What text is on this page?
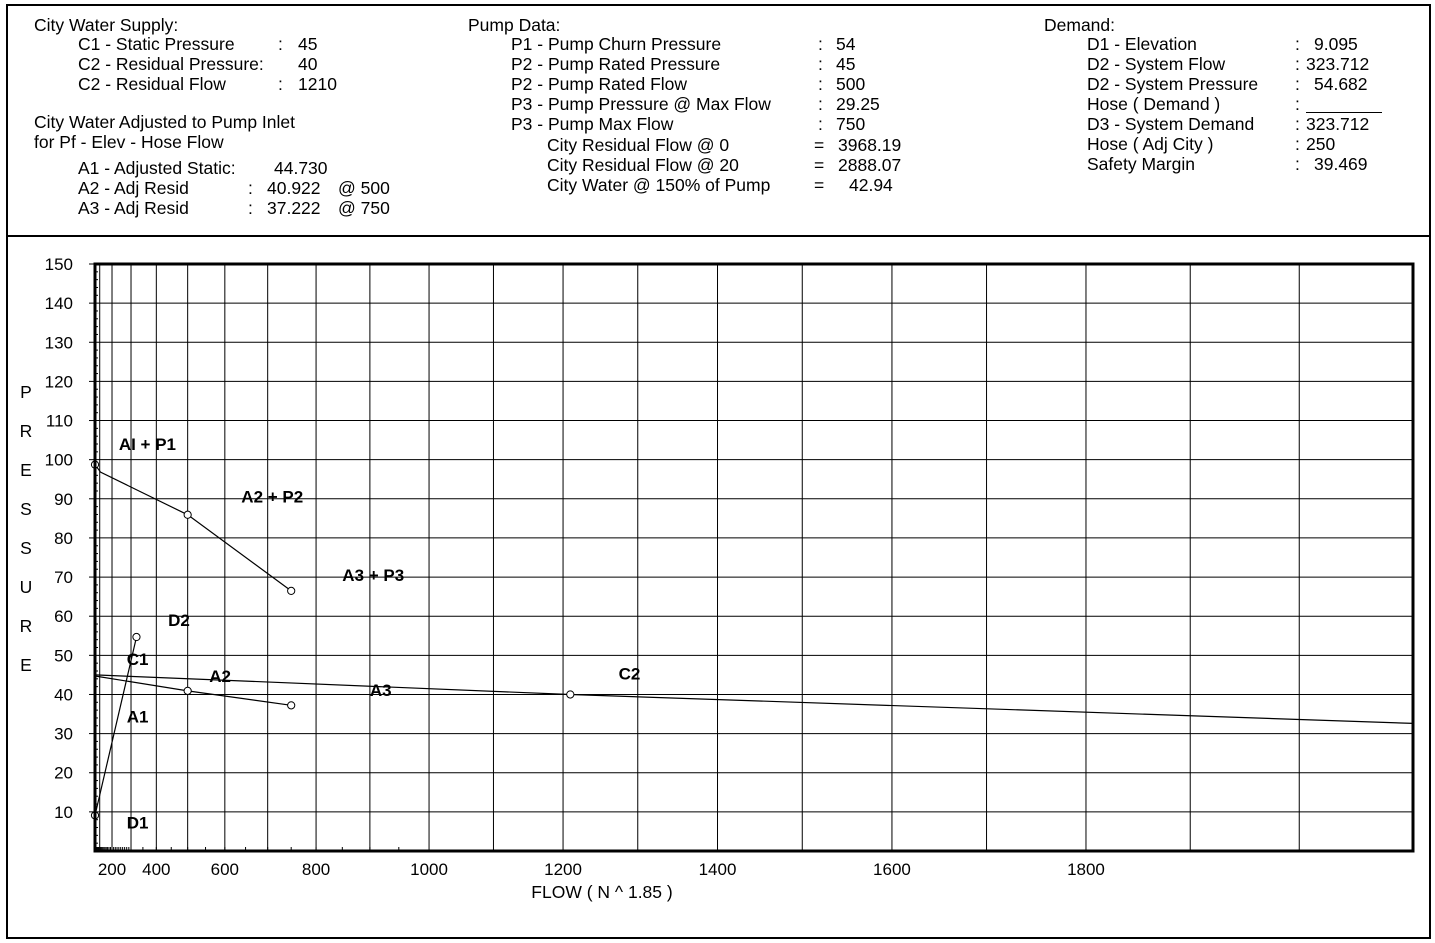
City Water Supply:
C1 - Static Pressure : 45
C2 - Residual Pressure: 40
C2 - Residual Flow	: 1210
City Water Adjusted to Pump Inlet
for Pf - Elev - Hose Flow
A1 - Adjusted Static: 44.730
A2 - Adj Resid	: 40.922 @ 500
A3 - Adj Resid	: 37.222 @ 750
Pump Data:
P1 - Pump Churn Pressure	: 54
P2 - Pump Rated Pressure	: 45
P2 - Pump Rated Flow	: 500
P3 - Pump Pressure @ Max Flow	: 29.25
P3 - Pump Max Flow	: 750
City Residual Flow @ 0	= 3968.19
City Residual Flow @ 20	= 2888.07
City Water @ 150% of Pump = 42.94
Demand:
D1 - Elevation	: 9.095
D2 - System Flow	: 323.712
D2 - System Pressure : 54.682
Hose ( Demand )	:
D3 - System Demand : 323.712
Hose ( Adj City )	: 250
Safety Margin	: 39.469
AI + P1
A2 + P2
A3 + P3
D2
C1
A2
A3
C2
A1
D1
10
20
30
40
50
60
70
80
90
100
110
120
130
140
150
200 400 600	800	1000	1200	1400	1600	1800
FLOW ( N ^ 1.85 )
P
R
E
S
S
U
R
E
